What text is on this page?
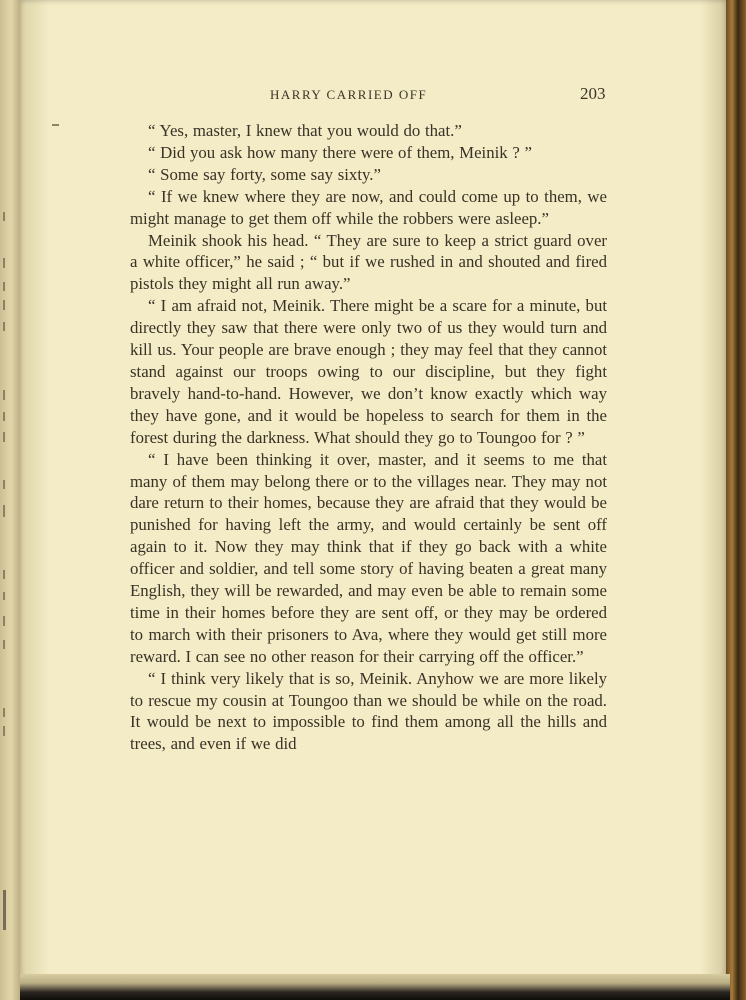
HARRY CARRIED OFF	203

“ Yes, master, I knew that you would do that.”

“ Did you ask how many there were of them, Meinik ? ”

“ Some say forty, some say sixty.”

“ If we knew where they are now, and could come up to them, we might manage to get them off while the robbers were asleep.”

Meinik shook his head. “ They are sure to keep a strict guard over a white officer,” he said ; “ but if we rushed in and shouted and fired pistols they might all run away.”

“ I am afraid not, Meinik. There might be a scare for a minute, but directly they saw that there were only two of us they would turn and kill us. Your people are brave enough ; they may feel that they cannot stand against our troops owing to our discipline, but they fight bravely hand-to-hand. However, we don’t know exactly which way they have gone, and it would be hopeless to search for them in the forest during the darkness. What should they go to Toungoo for ? ”

“ I have been thinking it over, master, and it seems to me that many of them may belong there or to the villages near. They may not dare return to their homes, because they are afraid that they would be punished for having left the army, and would certainly be sent off again to it. Now they may think that if they go back with a white officer and soldier, and tell some story of having beaten a great many English, they will be rewarded, and may even be able to remain some time in their homes before they are sent off, or they may be ordered to march with their prisoners to Ava, where they would get still more reward. I can see no other reason for their carrying off the officer.”

“ I think very likely that is so, Meinik. Anyhow we are more likely to rescue my cousin at Toungoo than we should be while on the road. It would be next to impossible to find them among all the hills and trees, and even if we did
